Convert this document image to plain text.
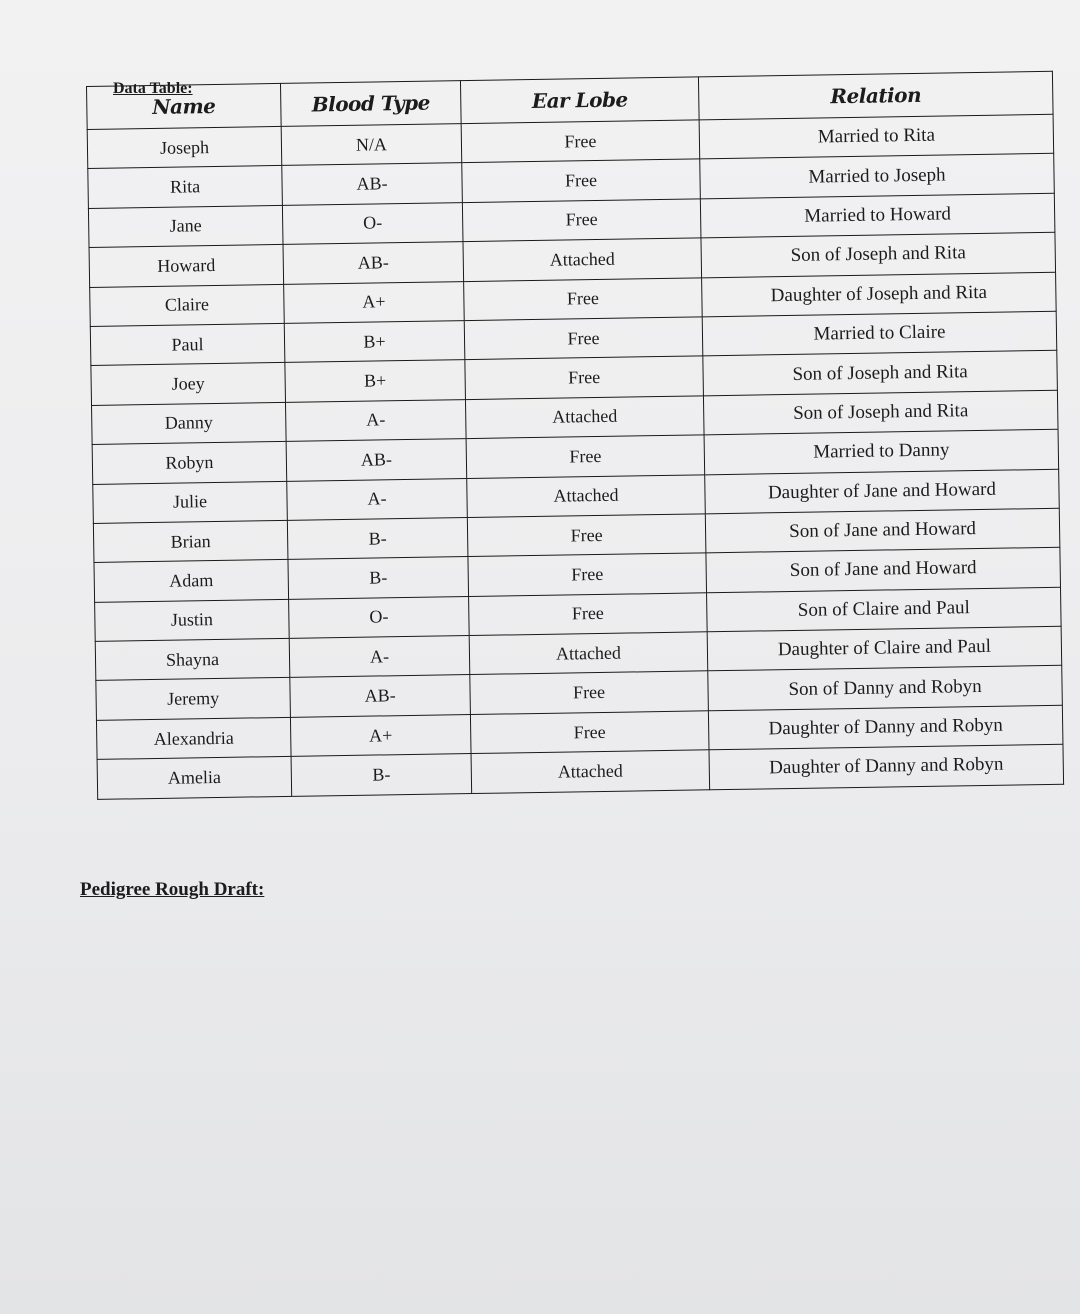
Data Table:
Name	Blood Type	Ear Lobe	Relation
Joseph	N/A	Free	Married to Rita
Rita	AB-	Free	Married to Joseph
Jane	O-	Free	Married to Howard
Howard	AB-	Attached	Son of Joseph and Rita
Claire	A+	Free	Daughter of Joseph and Rita
Paul	B+	Free	Married to Claire
Joey	B+	Free	Son of Joseph and Rita
Danny	A-	Attached	Son of Joseph and Rita
Robyn	AB-	Free	Married to Danny
Julie	A-	Attached	Daughter of Jane and Howard
Brian	B-	Free	Son of Jane and Howard
Adam	B-	Free	Son of Jane and Howard
Justin	O-	Free	Son of Claire and Paul
Shayna	A-	Attached	Daughter of Claire and Paul
Jeremy	AB-	Free	Son of Danny and Robyn
Alexandria	A+	Free	Daughter of Danny and Robyn
Amelia	B-	Attached	Daughter of Danny and Robyn
Pedigree Rough Draft:
